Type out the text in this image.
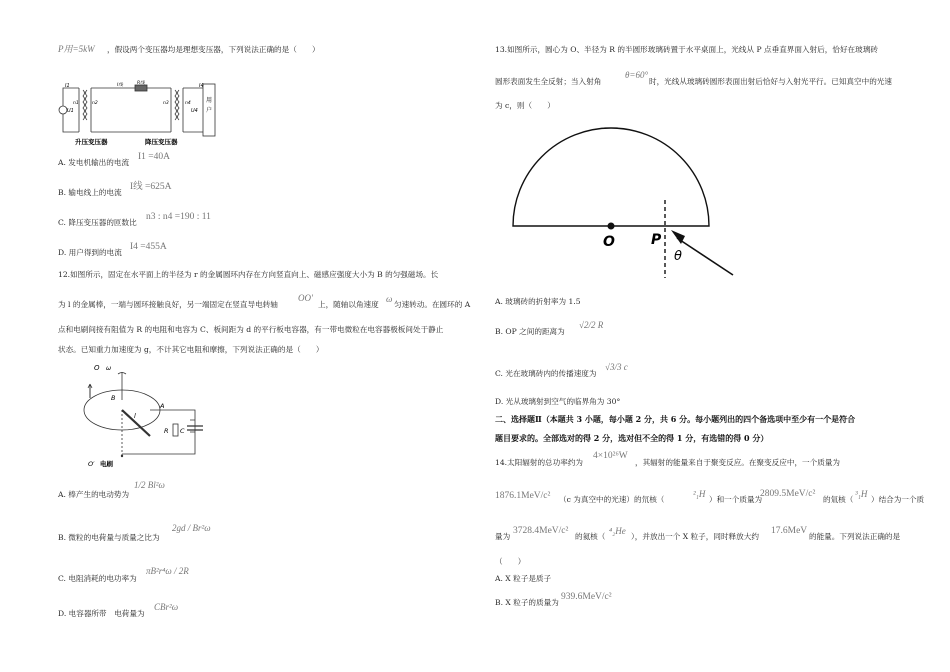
P用=5kW ，假设两个变压器均是理想变压器，下列说法正确的是（　　）
I1
U1
n1	n2
I线	R线
n3	n4
U4
I4
用
户
升压变压器	降压变压器
A. 发电机输出的电流
I1 =40A
B. 输电线上的电流
I线 =625A
C. 降压变压器的匝数比
n3 : n4 =190 : 11
D. 用户得到的电流
I4 =455A
12.如图所示，固定在水平面上的半径为 r 的金属圆环内存在方向竖直向上、磁感应强度大小为 B 的匀强磁场。长
为 l 的金属棒，一端与圆环接触良好，另一端固定在竖直导电转轴
OO′
上，随轴以角速度
ω
匀速转动。在圆环的 A
点和电刷间接有阻值为 R 的电阻和电容为 C、板间距为 d 的平行板电容器，有一带电微粒在电容器极板间处于静止
状态。已知重力加速度为 g，不计其它电阻和摩擦，下列说法正确的是（　　）
O ω
B
A
l
R C
O′ 电刷
A. 棒产生的电动势为
1/2 Bl²ω
B. 微粒的电荷量与质量之比为
2gd / Br²ω
C. 电阻消耗的电功率为
πB²r⁴ω / 2R
D. 电容器所带　电荷量为
CBr²ω
13.如图所示，圆心为 O、半径为 R 的半圆形玻璃砖置于水平桌面上，光线从 P 点垂直界面入射后，恰好在玻璃砖
圆形表面发生全反射；当入射角
θ=60°
时，光线从玻璃砖圆形表面出射后恰好与入射光平行。已知真空中的光速
为 c，则（　　）
O	P
θ
A. 玻璃砖的折射率为 1.5
B. OP 之间的距离为
√2/2 R
C. 光在玻璃砖内的传播速度为
√3/3 c
D. 光从玻璃射到空气的临界角为 30°
二、选择题Ⅱ（本题共 3 小题，每小题 2 分，共 6 分。每小题列出的四个备选项中至少有一个是符合
题目要求的。全部选对的得 2 分，选对但不全的得 1 分，有选错的得 0 分）
14.太阳辐射的总功率约为
4×10²⁶W
，其辐射的能量来自于聚变反应。在聚变反应中，一个质量为
1876.1MeV/c² （c 为真空中的光速）的氘核（
²₁H
）和一个质量为
2809.5MeV/c²
的氚核（
³₁H
）结合为一个质
量为
3728.4MeV/c²
的氦核（
⁴₂He
），并放出一个 X 粒子，同时释放大约
17.6MeV
的能量。下列说法正确的是
（　　）
A. X 粒子是质子
B. X 粒子的质量为
939.6MeV/c²
